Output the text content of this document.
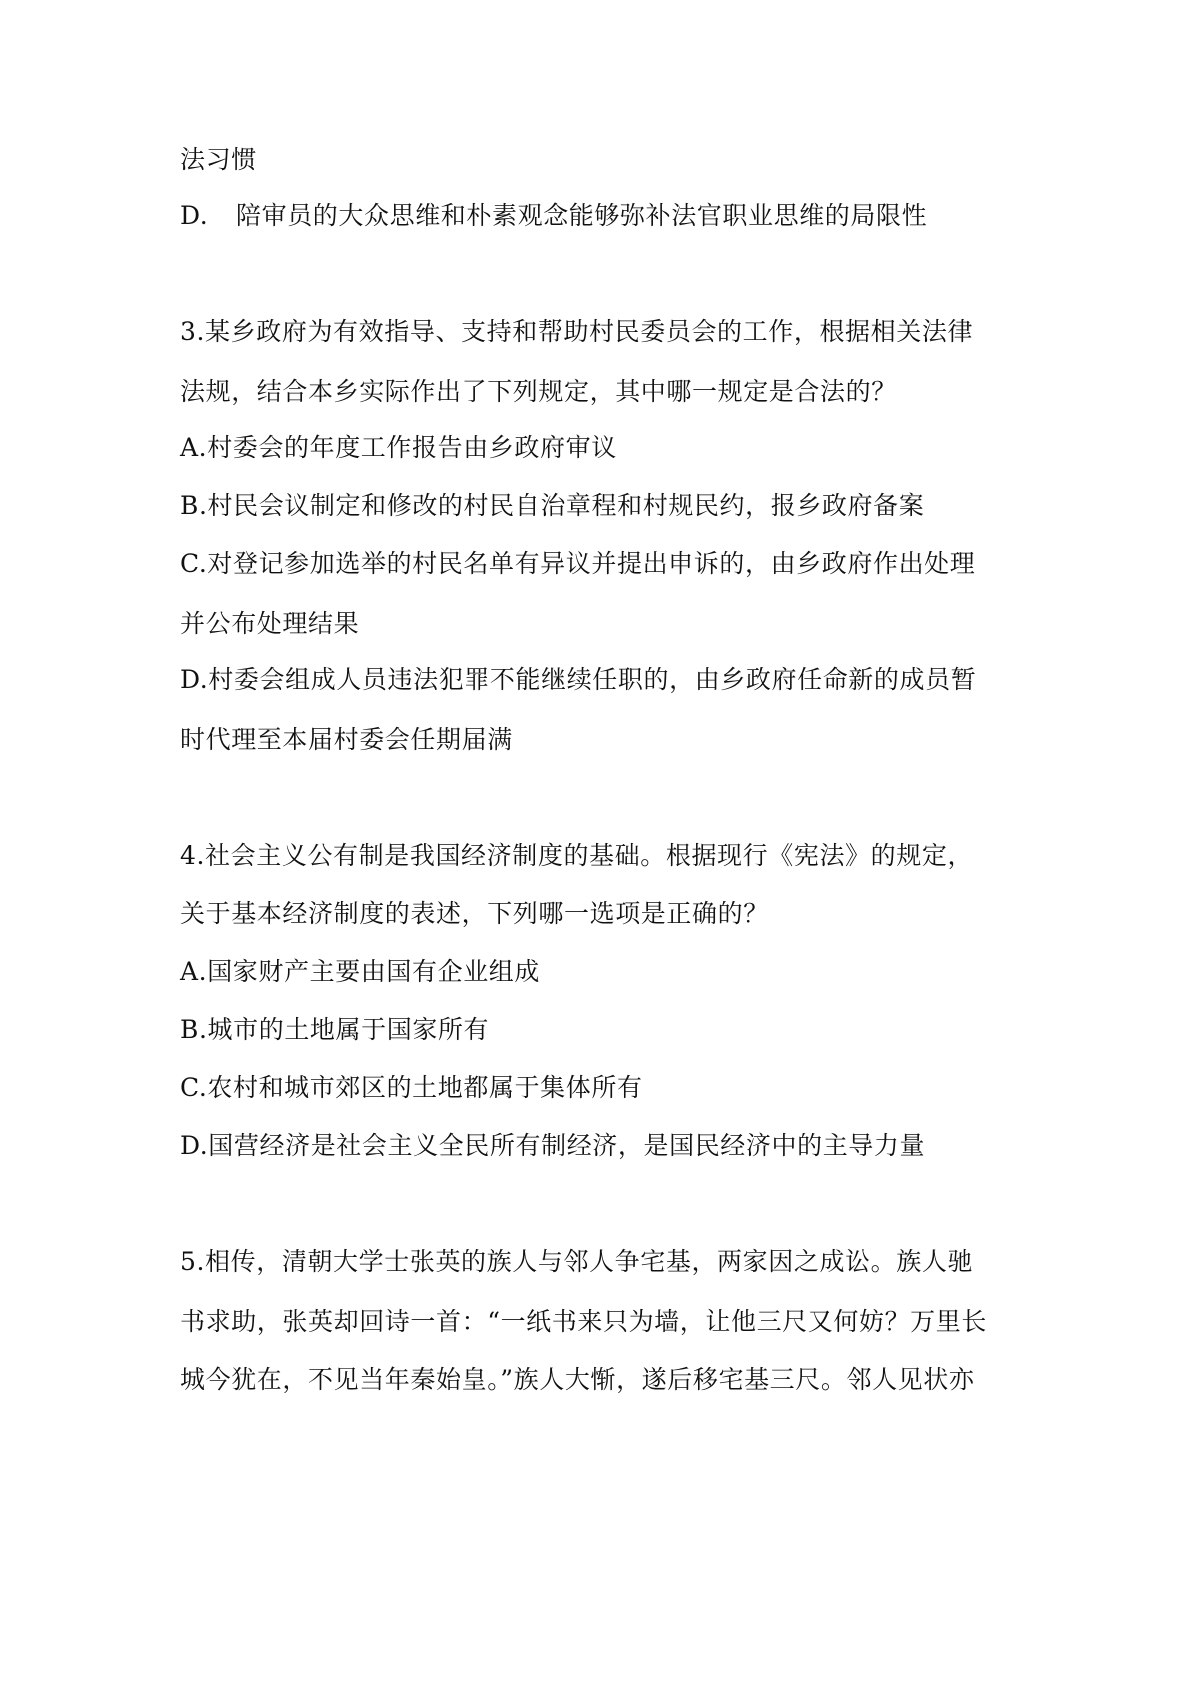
法习惯
D. 陪审员的大众思维和朴素观念能够弥补法官职业思维的局限性
3.某乡政府为有效指导、支持和帮助村民委员会的工作，根据相关法律
法规，结合本乡实际作出了下列规定，其中哪一规定是合法的？
A.村委会的年度工作报告由乡政府审议
B.村民会议制定和修改的村民自治章程和村规民约，报乡政府备案
C.对登记参加选举的村民名单有异议并提出申诉的，由乡政府作出处理
并公布处理结果
D.村委会组成人员违法犯罪不能继续任职的，由乡政府任命新的成员暂
时代理至本届村委会任期届满
4.社会主义公有制是我国经济制度的基础。根据现行《宪法》的规定，
关于基本经济制度的表述，下列哪一选项是正确的？
A.国家财产主要由国有企业组成
B.城市的土地属于国家所有
C.农村和城市郊区的土地都属于集体所有
D.国营经济是社会主义全民所有制经济，是国民经济中的主导力量
5.相传，清朝大学士张英的族人与邻人争宅基，两家因之成讼。族人驰
书求助，张英却回诗一首：“一纸书来只为墙，让他三尺又何妨？万里长
城今犹在，不见当年秦始皇。”族人大惭，遂后移宅基三尺。邻人见状亦
